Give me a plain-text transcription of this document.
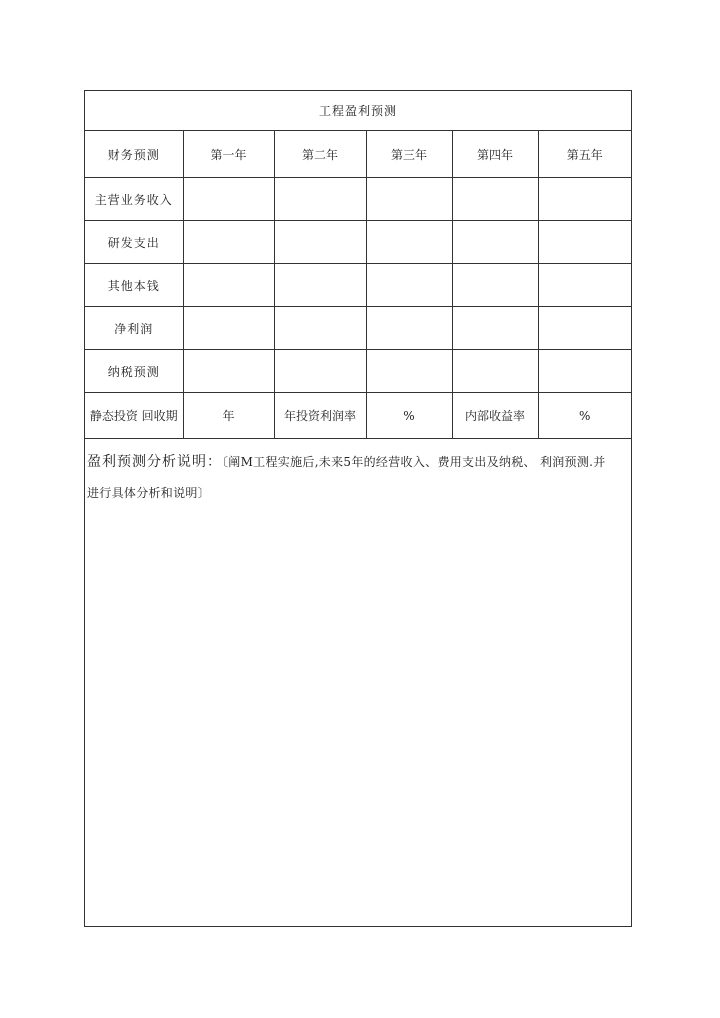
工程盈利预测					
财务预测	第一年	第二年	第三年	第四年	第五年
主营业务收入					
研发支出					
其他本钱					
净利润					
纳税预测					
静态投资 回收期	年	年投资利润率	%	内部收益率	%
盈利预测分析说明：〔阐M工程实施后,未来5年的经营收入、费用支出及纳税、 利润预测.并
进行具体分析和说明〕
